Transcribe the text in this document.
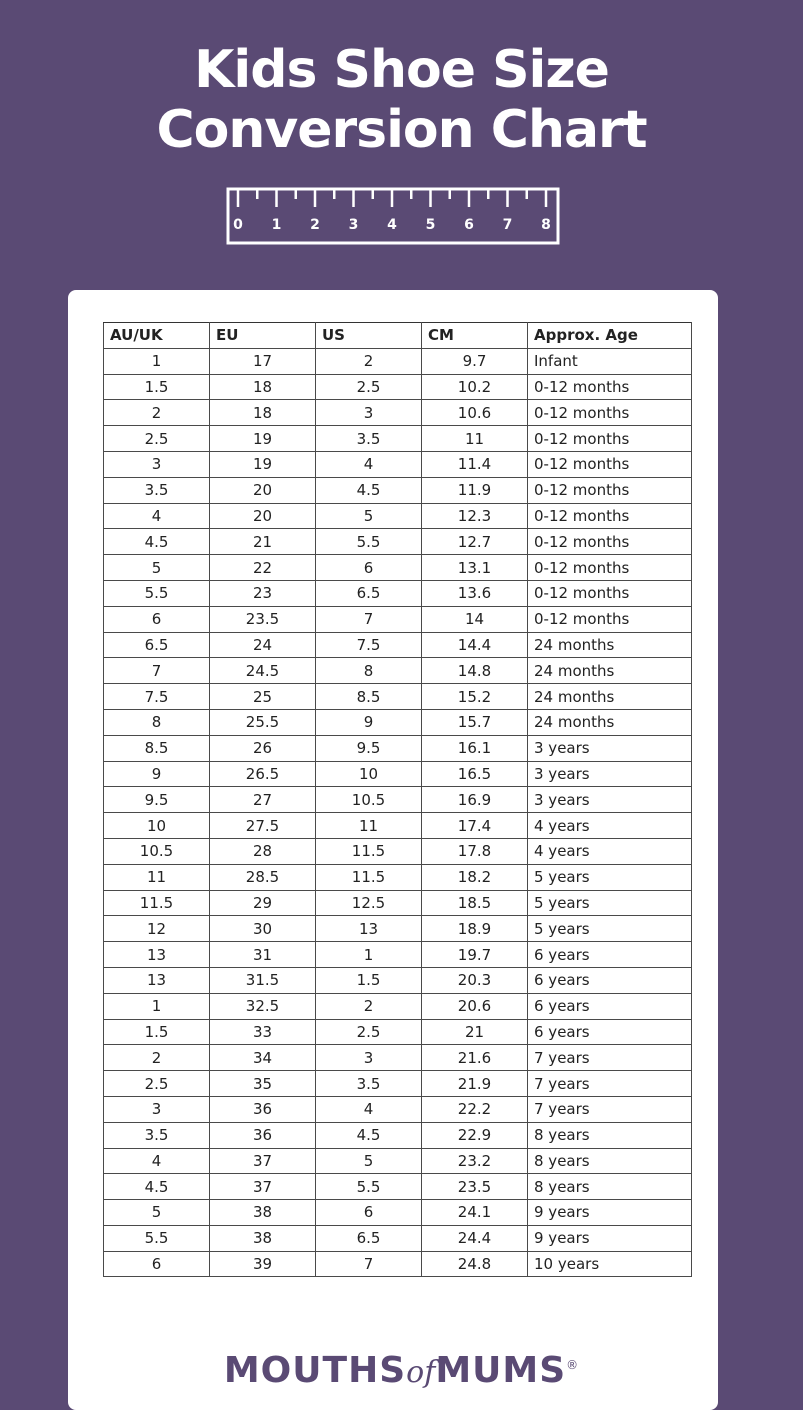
Kids Shoe Size
Conversion Chart
0 1 2 3 4 5 6 7 8
AU/UK	EU	US	CM	Approx. Age
1	17	2	9.7	Infant
1.5	18	2.5	10.2	0-12 months
2	18	3	10.6	0-12 months
2.5	19	3.5	11	0-12 months
3	19	4	11.4	0-12 months
3.5	20	4.5	11.9	0-12 months
4	20	5	12.3	0-12 months
4.5	21	5.5	12.7	0-12 months
5	22	6	13.1	0-12 months
5.5	23	6.5	13.6	0-12 months
6	23.5	7	14	0-12 months
6.5	24	7.5	14.4	24 months
7	24.5	8	14.8	24 months
7.5	25	8.5	15.2	24 months
8	25.5	9	15.7	24 months
8.5	26	9.5	16.1	3 years
9	26.5	10	16.5	3 years
9.5	27	10.5	16.9	3 years
10	27.5	11	17.4	4 years
10.5	28	11.5	17.8	4 years
11	28.5	11.5	18.2	5 years
11.5	29	12.5	18.5	5 years
12	30	13	18.9	5 years
13	31	1	19.7	6 years
13	31.5	1.5	20.3	6 years
1	32.5	2	20.6	6 years
1.5	33	2.5	21	6 years
2	34	3	21.6	7 years
2.5	35	3.5	21.9	7 years
3	36	4	22.2	7 years
3.5	36	4.5	22.9	8 years
4	37	5	23.2	8 years
4.5	37	5.5	23.5	8 years
5	38	6	24.1	9 years
5.5	38	6.5	24.4	9 years
6	39	7	24.8	10 years
MOUTHSofMUMS®
